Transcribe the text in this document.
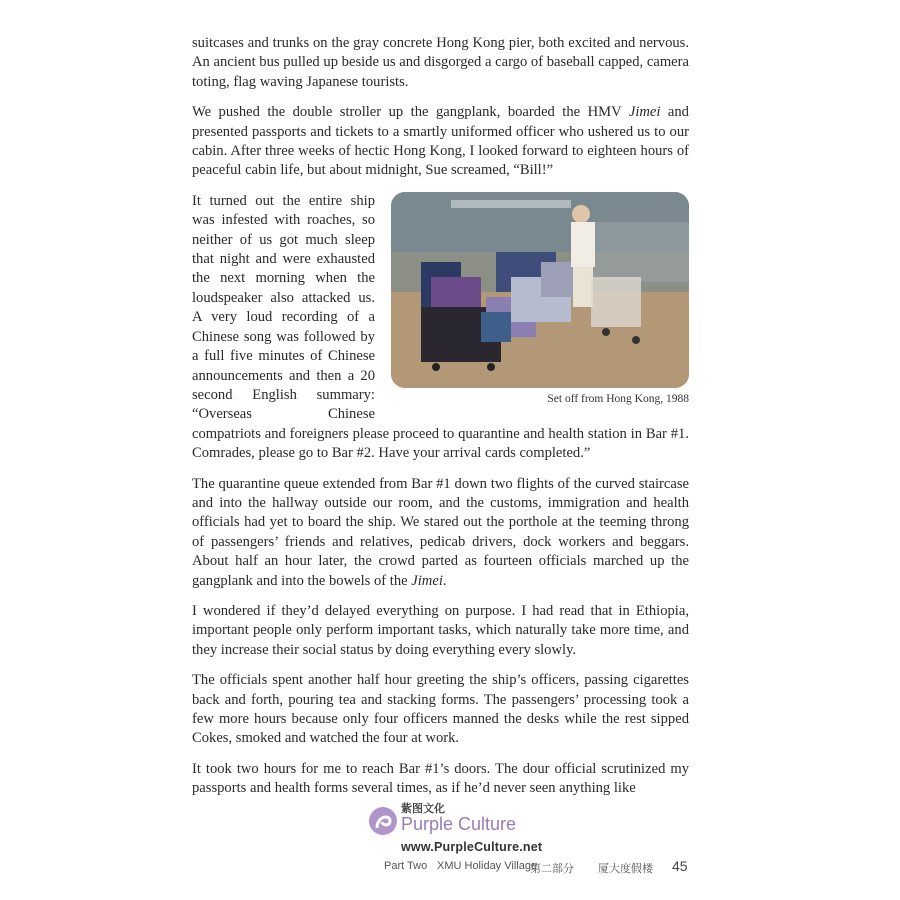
suitcases and trunks on the gray concrete Hong Kong pier, both excited and nervous. An ancient bus pulled up beside us and disgorged a cargo of baseball capped, camera toting, flag waving Japanese tourists.

We pushed the double stroller up the gangplank, boarded the HMV Jimei and presented passports and tickets to a smartly uniformed officer who ushered us to our cabin. After three weeks of hectic Hong Kong, I looked forward to eighteen hours of peaceful cabin life, but about midnight, Sue screamed, “Bill!”

Set off from Hong Kong, 1988

It turned out the entire ship was infested with roaches, so neither of us got much sleep that night and were exhausted the next morning when the loudspeaker also attacked us. A very loud recording of a Chinese song was followed by a full five minutes of Chinese announcements and then a 20 second English summary: “Overseas Chinese compatriots and foreigners please proceed to quarantine and health station in Bar #1. Comrades, please go to Bar #2. Have your arrival cards completed.”

The quarantine queue extended from Bar #1 down two flights of the curved staircase and into the hallway outside our room, and the customs, immigration and health officials had yet to board the ship. We stared out the porthole at the teeming throng of passengers’ friends and relatives, pedicab drivers, dock workers and beggars. About half an hour later, the crowd parted as fourteen officials marched up the gangplank and into the bowels of the Jimei.

I wondered if they’d delayed everything on purpose. I had read that in Ethiopia, important people only perform important tasks, which naturally take more time, and they increase their social status by doing everything every slowly.

The officials spent another half hour greeting the ship’s officers, passing cigarettes back and forth, pouring tea and stacking forms. The passengers’ processing took a few more hours because only four officers manned the desks while the rest sipped Cokes, smoked and watched the four at work.

It took two hours for me to reach Bar #1’s doors. The dour official scrutinized my passports and health forms several times, as if he’d never seen anything like

紫图文化
Purple Culture
www.PurpleCulture.net
Part Two XMU Holiday Village
第二部分 厦大度假楼 45
